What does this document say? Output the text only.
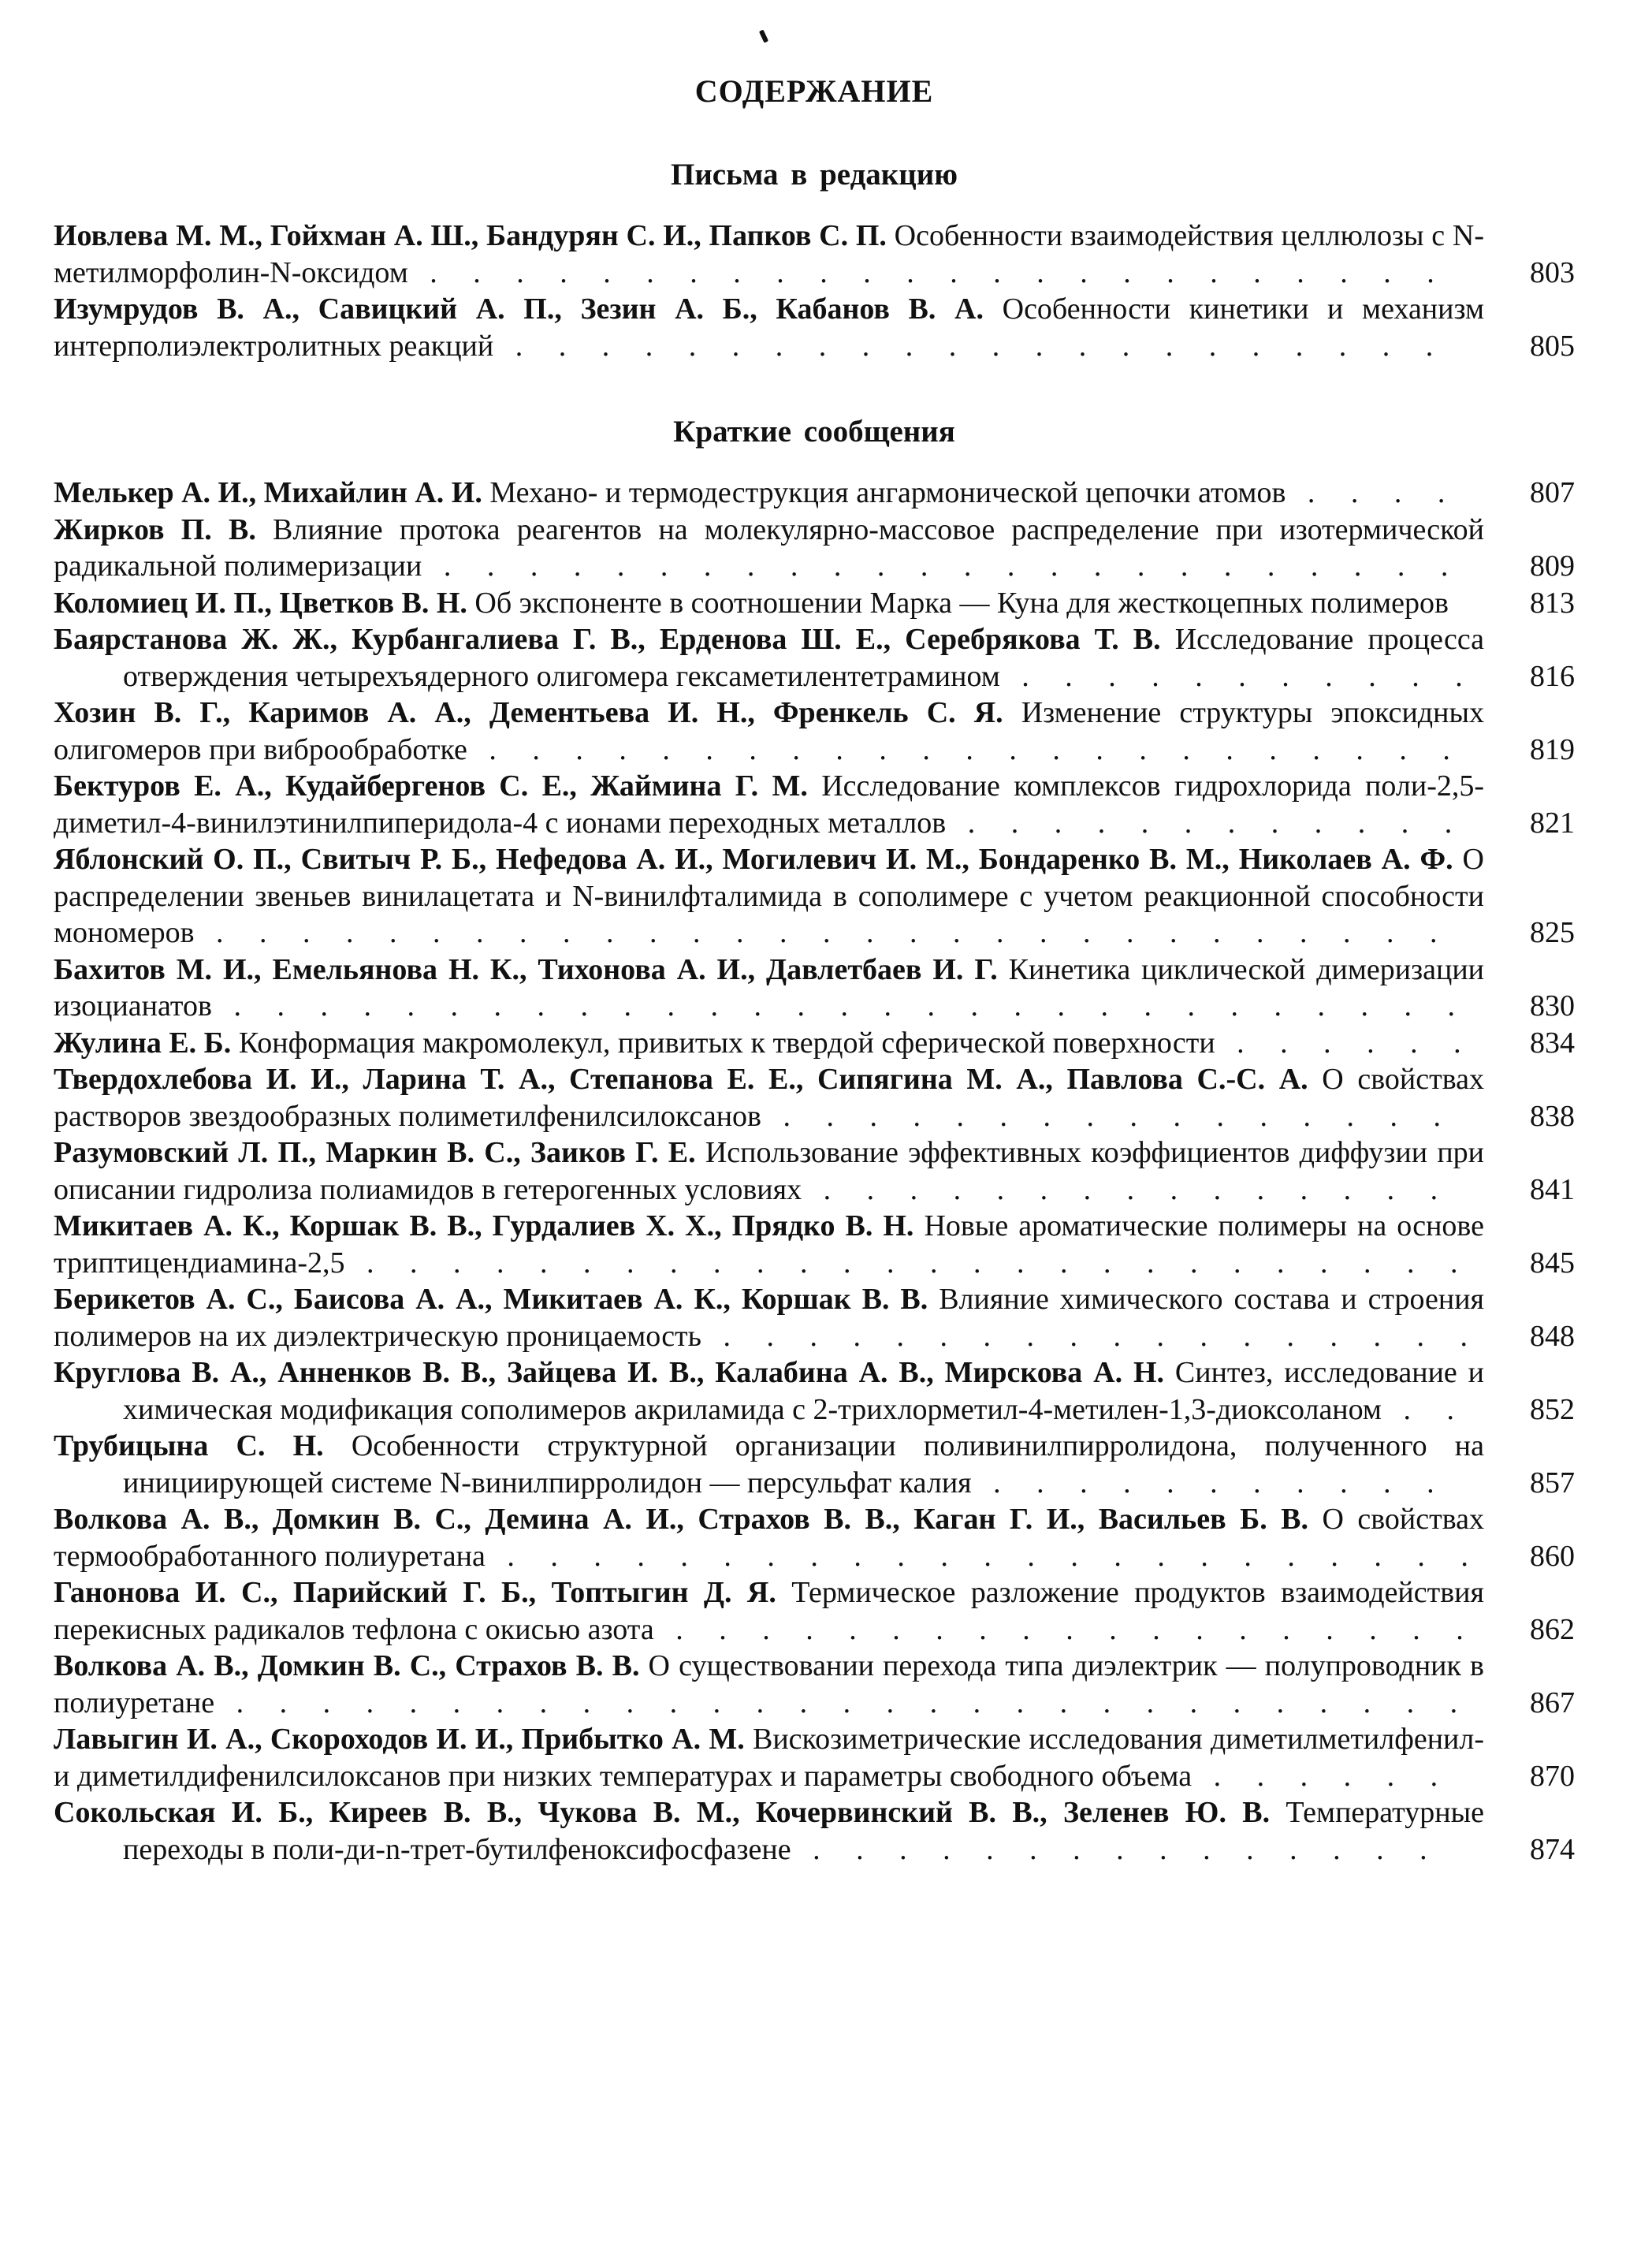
СОДЕРЖАНИЕ
Письма в редакцию
Иовлева М. М., Гойхман А. Ш., Бандурян С. И., Папков С. П. Особенности взаимодействия целлюлозы с N-метилморфолин-N-оксидом . . . . . . . . . . . . . . . . . . . . . . . .	803
Изумрудов В. А., Савицкий А. П., Зезин А. Б., Кабанов В. А. Особенности кинетики и механизм интерполиэлектролитных реакций . . . . . . . . . . . . . . . . . . . . . .	805
Краткие сообщения
Мелькер А. И., Михайлин А. И. Механо- и термодеструкция ангармонической цепочки атомов . . . .	807
Жирков П. В. Влияние протока реагентов на молекулярно-массовое распределение при изотермической радикальной полимеризации . . . . . . . . . . . . . . . . . . . . . . . .	809
Коломиец И. П., Цветков В. Н. Об экспоненте в соотношении Марка — Куна для жесткоцепных полимеров	813
Баярстанова Ж. Ж., Курбангалиева Г. В., Ерденова Ш. Е., Серебрякова Т. В. Исследование процесса отверждения четырехъядерного олигомера гексаметилентетрамином . . . . . . . . . . .	816
Хозин В. Г., Каримов А. А., Дементьева И. Н., Френкель С. Я. Изменение структуры эпоксидных олигомеров при виброобработке . . . . . . . . . . . . . . . . . . . . . . .	819
Бектуров Е. А., Кудайбергенов С. Е., Жаймина Г. М. Исследование комплексов гидрохлорида поли-2,5-диметил-4-винилэтинилпиперидола-4 с ионами переходных металлов . . . . . . . . . . . .	821
Яблонский О. П., Свитыч Р. Б., Нефедова А. И., Могилевич И. М., Бондаренко В. М., Николаев А. Ф. О распределении звеньев винилацетата и N-винилфталимида в сополимере с учетом реакционной способности мономеров . . . . . . . . . . . . . . . . . . . . . . . . . . . . .	825
Бахитов М. И., Емельянова Н. К., Тихонова А. И., Давлетбаев И. Г. Кинетика циклической димеризации изоцианатов . . . . . . . . . . . . . . . . . . . . . . . . . . . . .	830
Жулина Е. Б. Конформация макромолекул, привитых к твердой сферической поверхности . . . . . .	834
Твердохлебова И. И., Ларина Т. А., Степанова Е. Е., Сипягина М. А., Павлова С.-С. А. О свойствах растворов звездообразных полиметилфенилсилоксанов . . . . . . . . . . . . . . . .	838
Разумовский Л. П., Маркин В. С., Заиков Г. Е. Использование эффективных коэффициентов диффузии при описании гидролиза полиамидов в гетерогенных условиях . . . . . . . . . . . . . . .	841
Микитаев А. К., Коршак В. В., Гурдалиев Х. Х., Прядко В. Н. Новые ароматические полимеры на основе триптицендиамина-2,5 . . . . . . . . . . . . . . . . . . . . . . . . . .	845
Берикетов А. С., Баисова А. А., Микитаев А. К., Коршак В. В. Влияние химического состава и строения полимеров на их диэлектрическую проницаемость . . . . . . . . . . . . . . . . . .	848
Круглова В. А., Анненков В. В., Зайцева И. В., Калабина А. В., Мирскова А. Н. Синтез, исследование и химическая модификация сополимеров акриламида с 2-трихлорметил-4-метилен-1,3-диоксоланом . .	852
Трубицына С. Н. Особенности структурной организации поливинилпирролидона, полученного на инициирующей системе N-винилпирролидон — персульфат калия . . . . . . . . . . .	857
Волкова А. В., Домкин В. С., Демина А. И., Страхов В. В., Каган Г. И., Васильев Б. В. О свойствах термообработанного полиуретана . . . . . . . . . . . . . . . . . . . . . . .	860
Ганонова И. С., Парийский Г. Б., Топтыгин Д. Я. Термическое разложение продуктов взаимодействия перекисных радикалов тефлона с окисью азота . . . . . . . . . . . . . . . . . . .	862
Волкова А. В., Домкин В. С., Страхов В. В. О существовании перехода типа диэлектрик — полупроводник в полиуретане . . . . . . . . . . . . . . . . . . . . . . . . . . . . .	867
Лавыгин И. А., Скороходов И. И., Прибытко А. М. Вискозиметрические исследования диметилметилфенил- и диметилдифенилсилоксанов при низких температурах и параметры свободного объема . . . . . .	870
Сокольская И. Б., Киреев В. В., Чукова В. М., Кочервинский В. В., Зеленев Ю. В. Температурные переходы в поли-ди-n-трет-бутилфеноксифосфазене . . . . . . . . . . . . . . .	874
